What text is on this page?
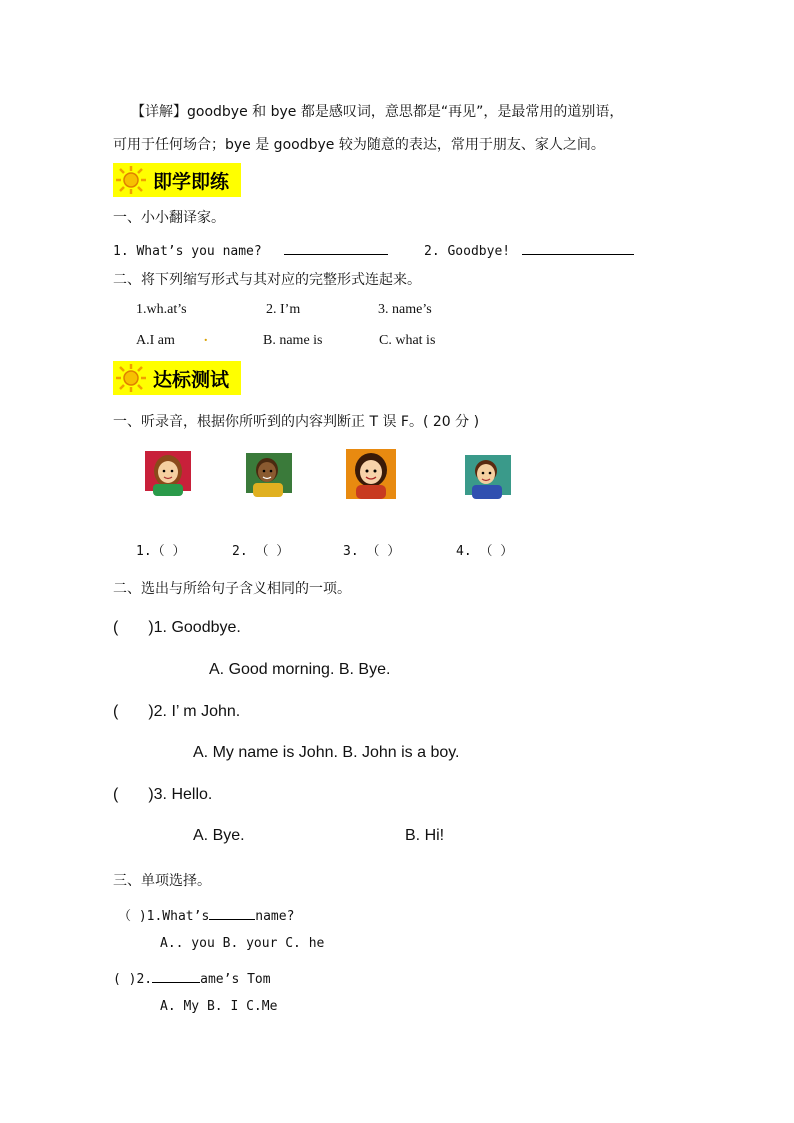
【详解】goodbye 和 bye 都是感叹词，意思都是“再见”，是最常用的道别语，
可用于任何场合；bye 是 goodbye 较为随意的表达，常用于朋友、家人之间。
即学即练
一、小小翻译家。
1. What’s you name?	2. Goodbye!
二、将下列缩写形式与其对应的完整形式连起来。
1.wh.at’s	2. I’m	3. name’s
A.I am .	B. name is	C. what is
达标测试
一、听录音，根据你所听到的内容判断正 T 误 F。( 20 分 )
1.（ ）	2. （ ）	3. （ ）	4. （ ）
二、选出与所给句子含义相同的一项。
( )1. Goodbye.
A. Good morning. B. Bye.
( )2. I’ m John.
A. My name is John. B. John is a boy.
( )3. Hello.
A. Bye.	B. Hi!
三、单项选择。
（ )1.What’s	name?
A.. you B. your C. he
( )2.	ame’s Tom
A. My B. I C.Me
